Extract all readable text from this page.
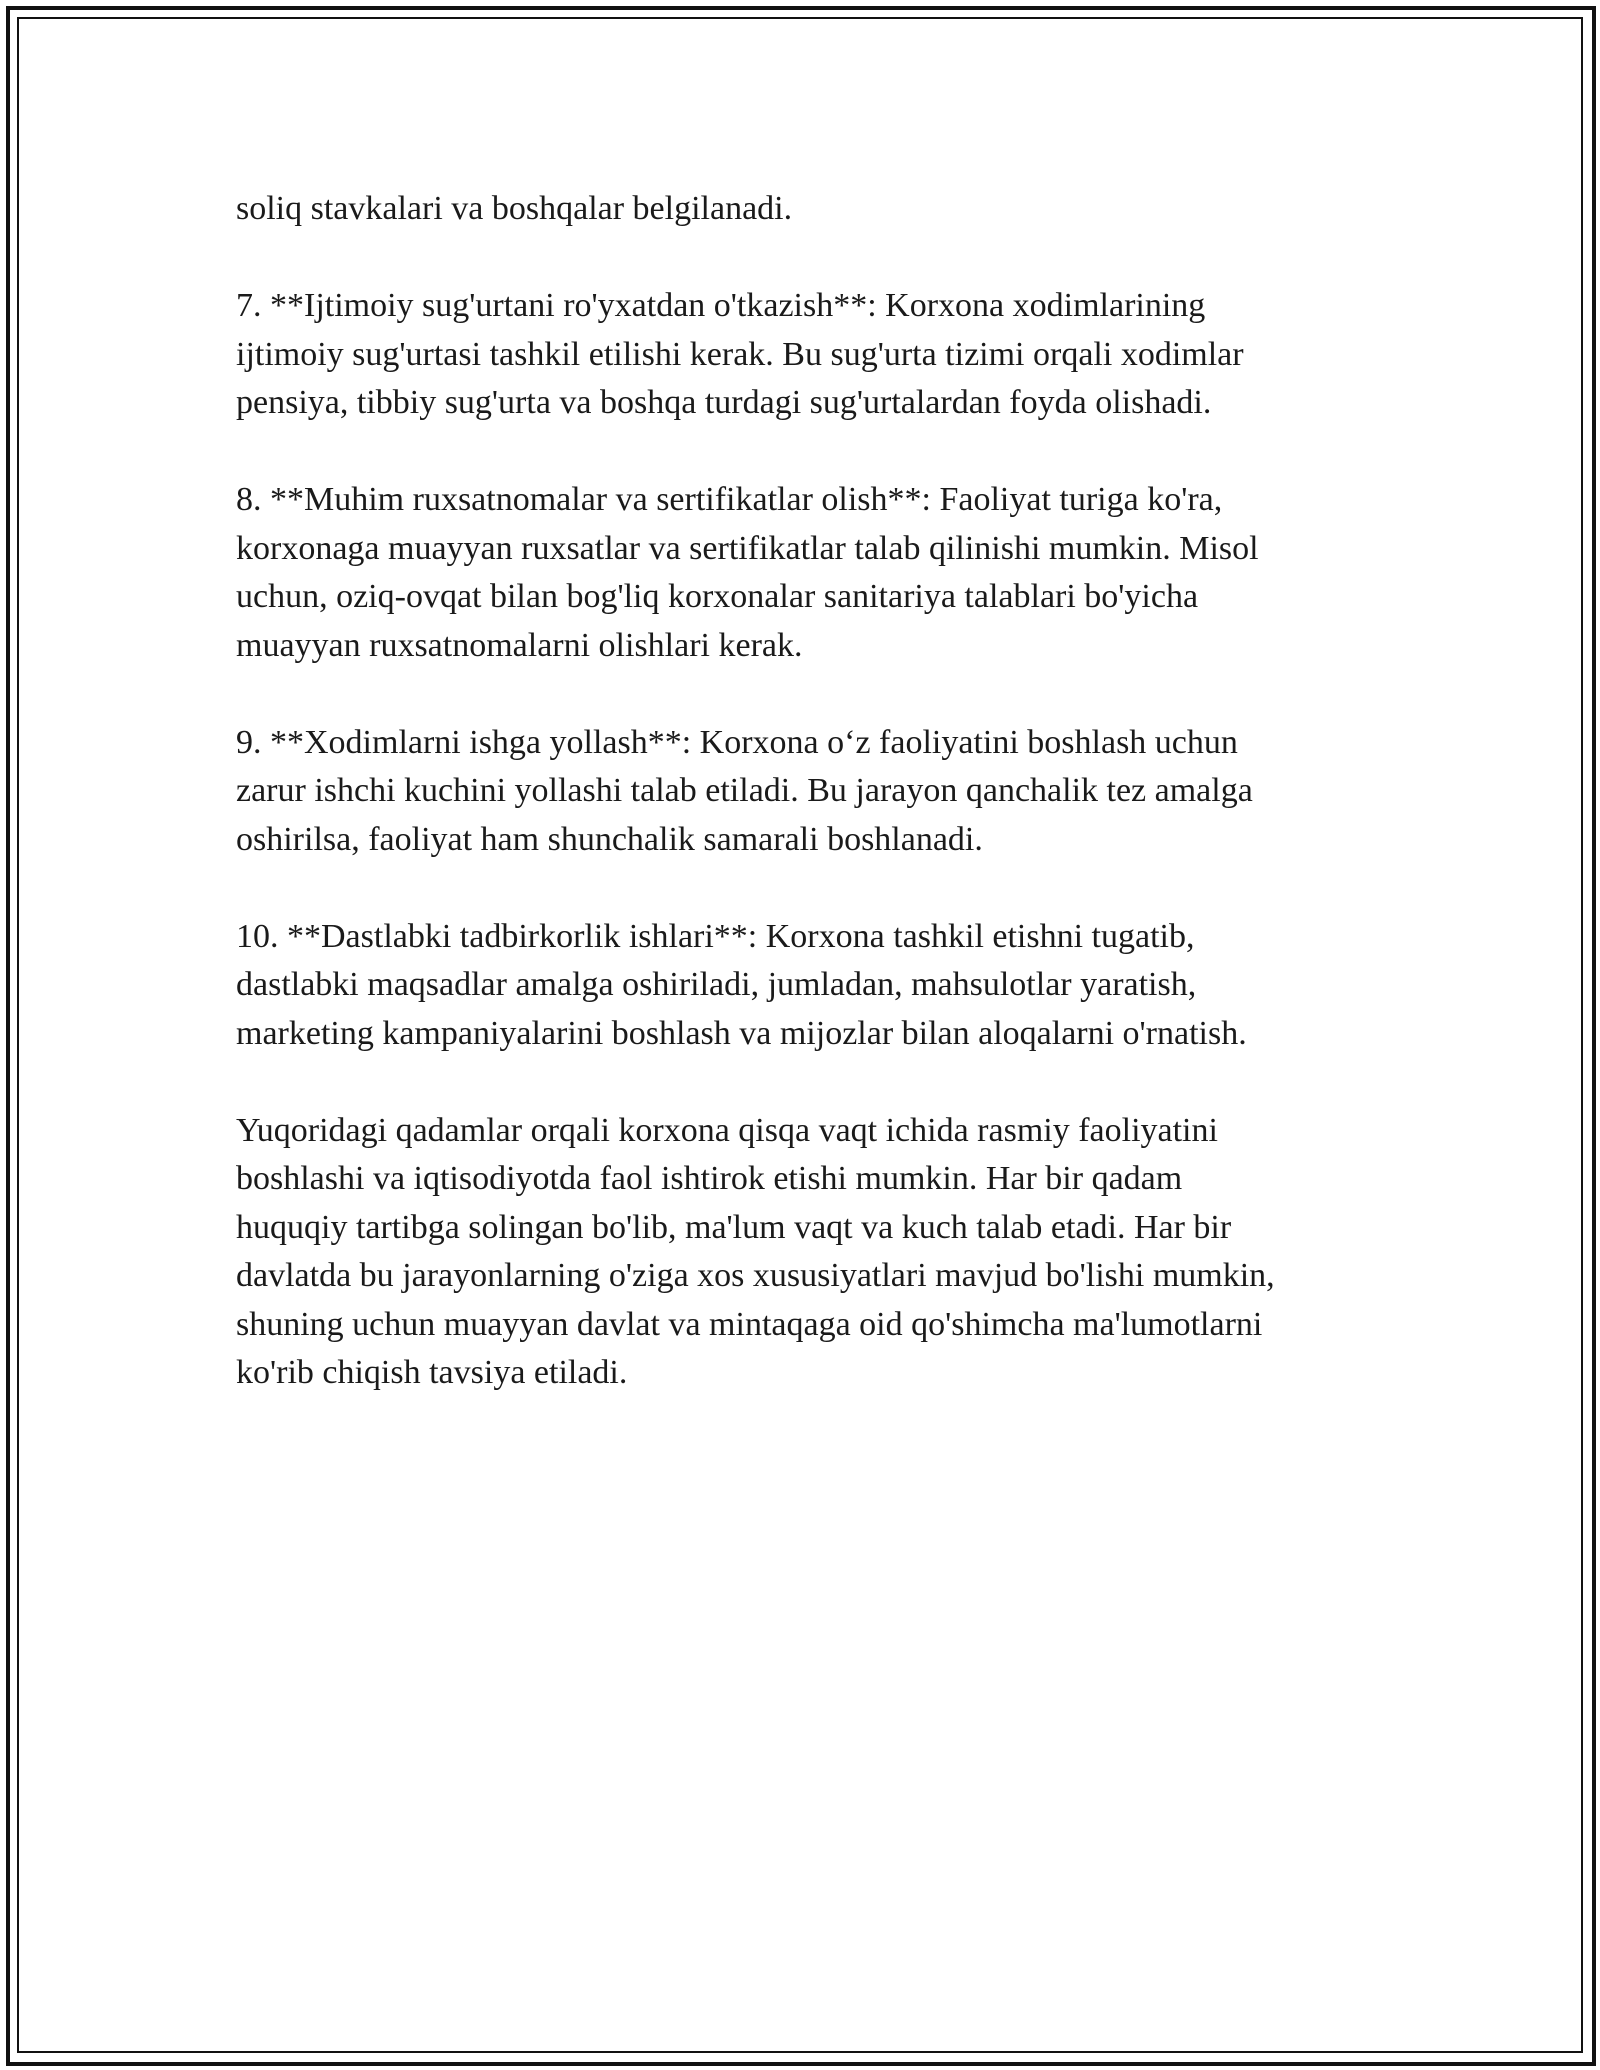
soliq stavkalari va boshqalar belgilanadi.

7. **Ijtimoiy sug'urtani ro'yxatdan o'tkazish**: Korxona xodimlarining
ijtimoiy sug'urtasi tashkil etilishi kerak. Bu sug'urta tizimi orqali xodimlar
pensiya, tibbiy sug'urta va boshqa turdagi sug'urtalardan foyda olishadi.

8. **Muhim ruxsatnomalar va sertifikatlar olish**: Faoliyat turiga ko'ra,
korxonaga muayyan ruxsatlar va sertifikatlar talab qilinishi mumkin. Misol
uchun, oziq-ovqat bilan bog'liq korxonalar sanitariya talablari bo'yicha
muayyan ruxsatnomalarni olishlari kerak.

9. **Xodimlarni ishga yollash**: Korxona o‘z faoliyatini boshlash uchun
zarur ishchi kuchini yollashi talab etiladi. Bu jarayon qanchalik tez amalga
oshirilsa, faoliyat ham shunchalik samarali boshlanadi.

10. **Dastlabki tadbirkorlik ishlari**: Korxona tashkil etishni tugatib,
dastlabki maqsadlar amalga oshiriladi, jumladan, mahsulotlar yaratish,
marketing kampaniyalarini boshlash va mijozlar bilan aloqalarni o'rnatish.

Yuqoridagi qadamlar orqali korxona qisqa vaqt ichida rasmiy faoliyatini
boshlashi va iqtisodiyotda faol ishtirok etishi mumkin. Har bir qadam
huquqiy tartibga solingan bo'lib, ma'lum vaqt va kuch talab etadi. Har bir
davlatda bu jarayonlarning o'ziga xos xususiyatlari mavjud bo'lishi mumkin,
shuning uchun muayyan davlat va mintaqaga oid qo'shimcha ma'lumotlarni
ko'rib chiqish tavsiya etiladi.
